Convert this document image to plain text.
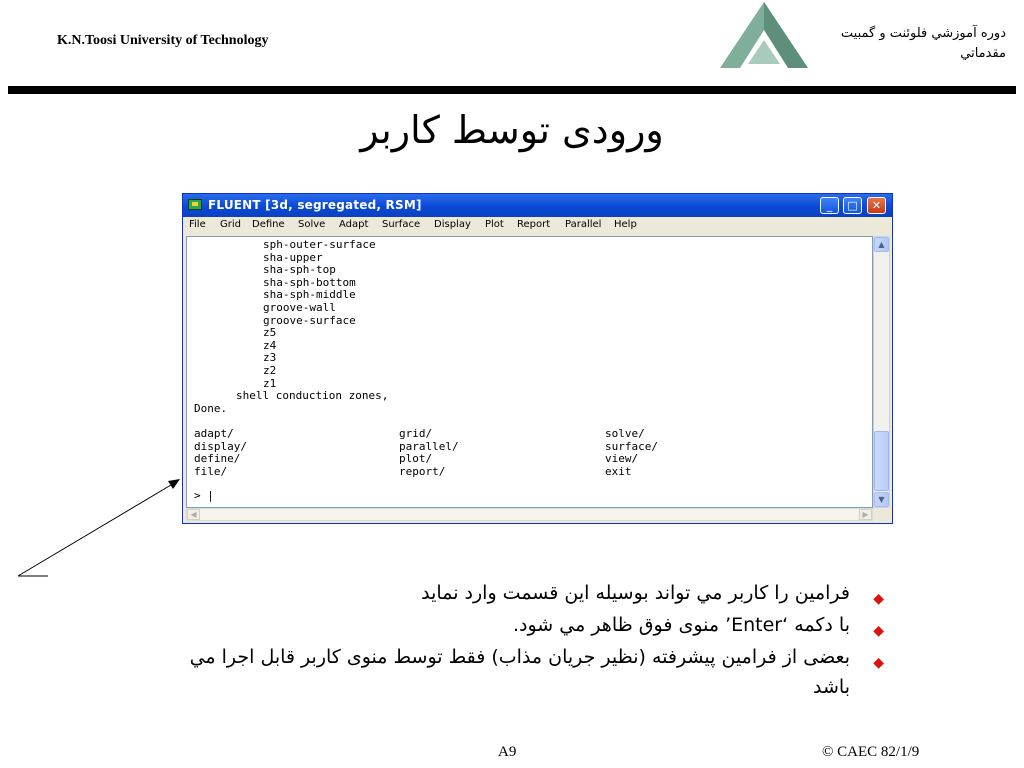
K.N.Toosi University of Technology	دوره آموزشي فلوئنت و گمبيت
مقدماتي
ورودی توسط کاربر
FLUENT [3d, segregated, RSM]	_	□	✕
File Grid Define Solve Adapt Surface Display Plot Report Parallel Help
sph-outer-surface
sha-upper
sha-sph-top
sha-sph-bottom
sha-sph-middle
groove-wall
groove-surface
z5
z4
z3
z2
z1
shell conduction zones,
Done.
adapt/	grid/	solve/
display/	parallel/	surface/
define/	plot/	view/
file/	report/	exit
> |
▲
▼
◀	▶
◆
فرامين را کاربر مي تواند بوسيله اين قسمت وارد نمايد
◆
با دکمه ‘Enter’ منوی فوق ظاهر مي شود.
◆
بعضی از فرامين پيشرفته (نظير جريان مذاب) فقط توسط منوی کاربر قابل اجرا مي باشد
A9	© CAEC 82/1/9
